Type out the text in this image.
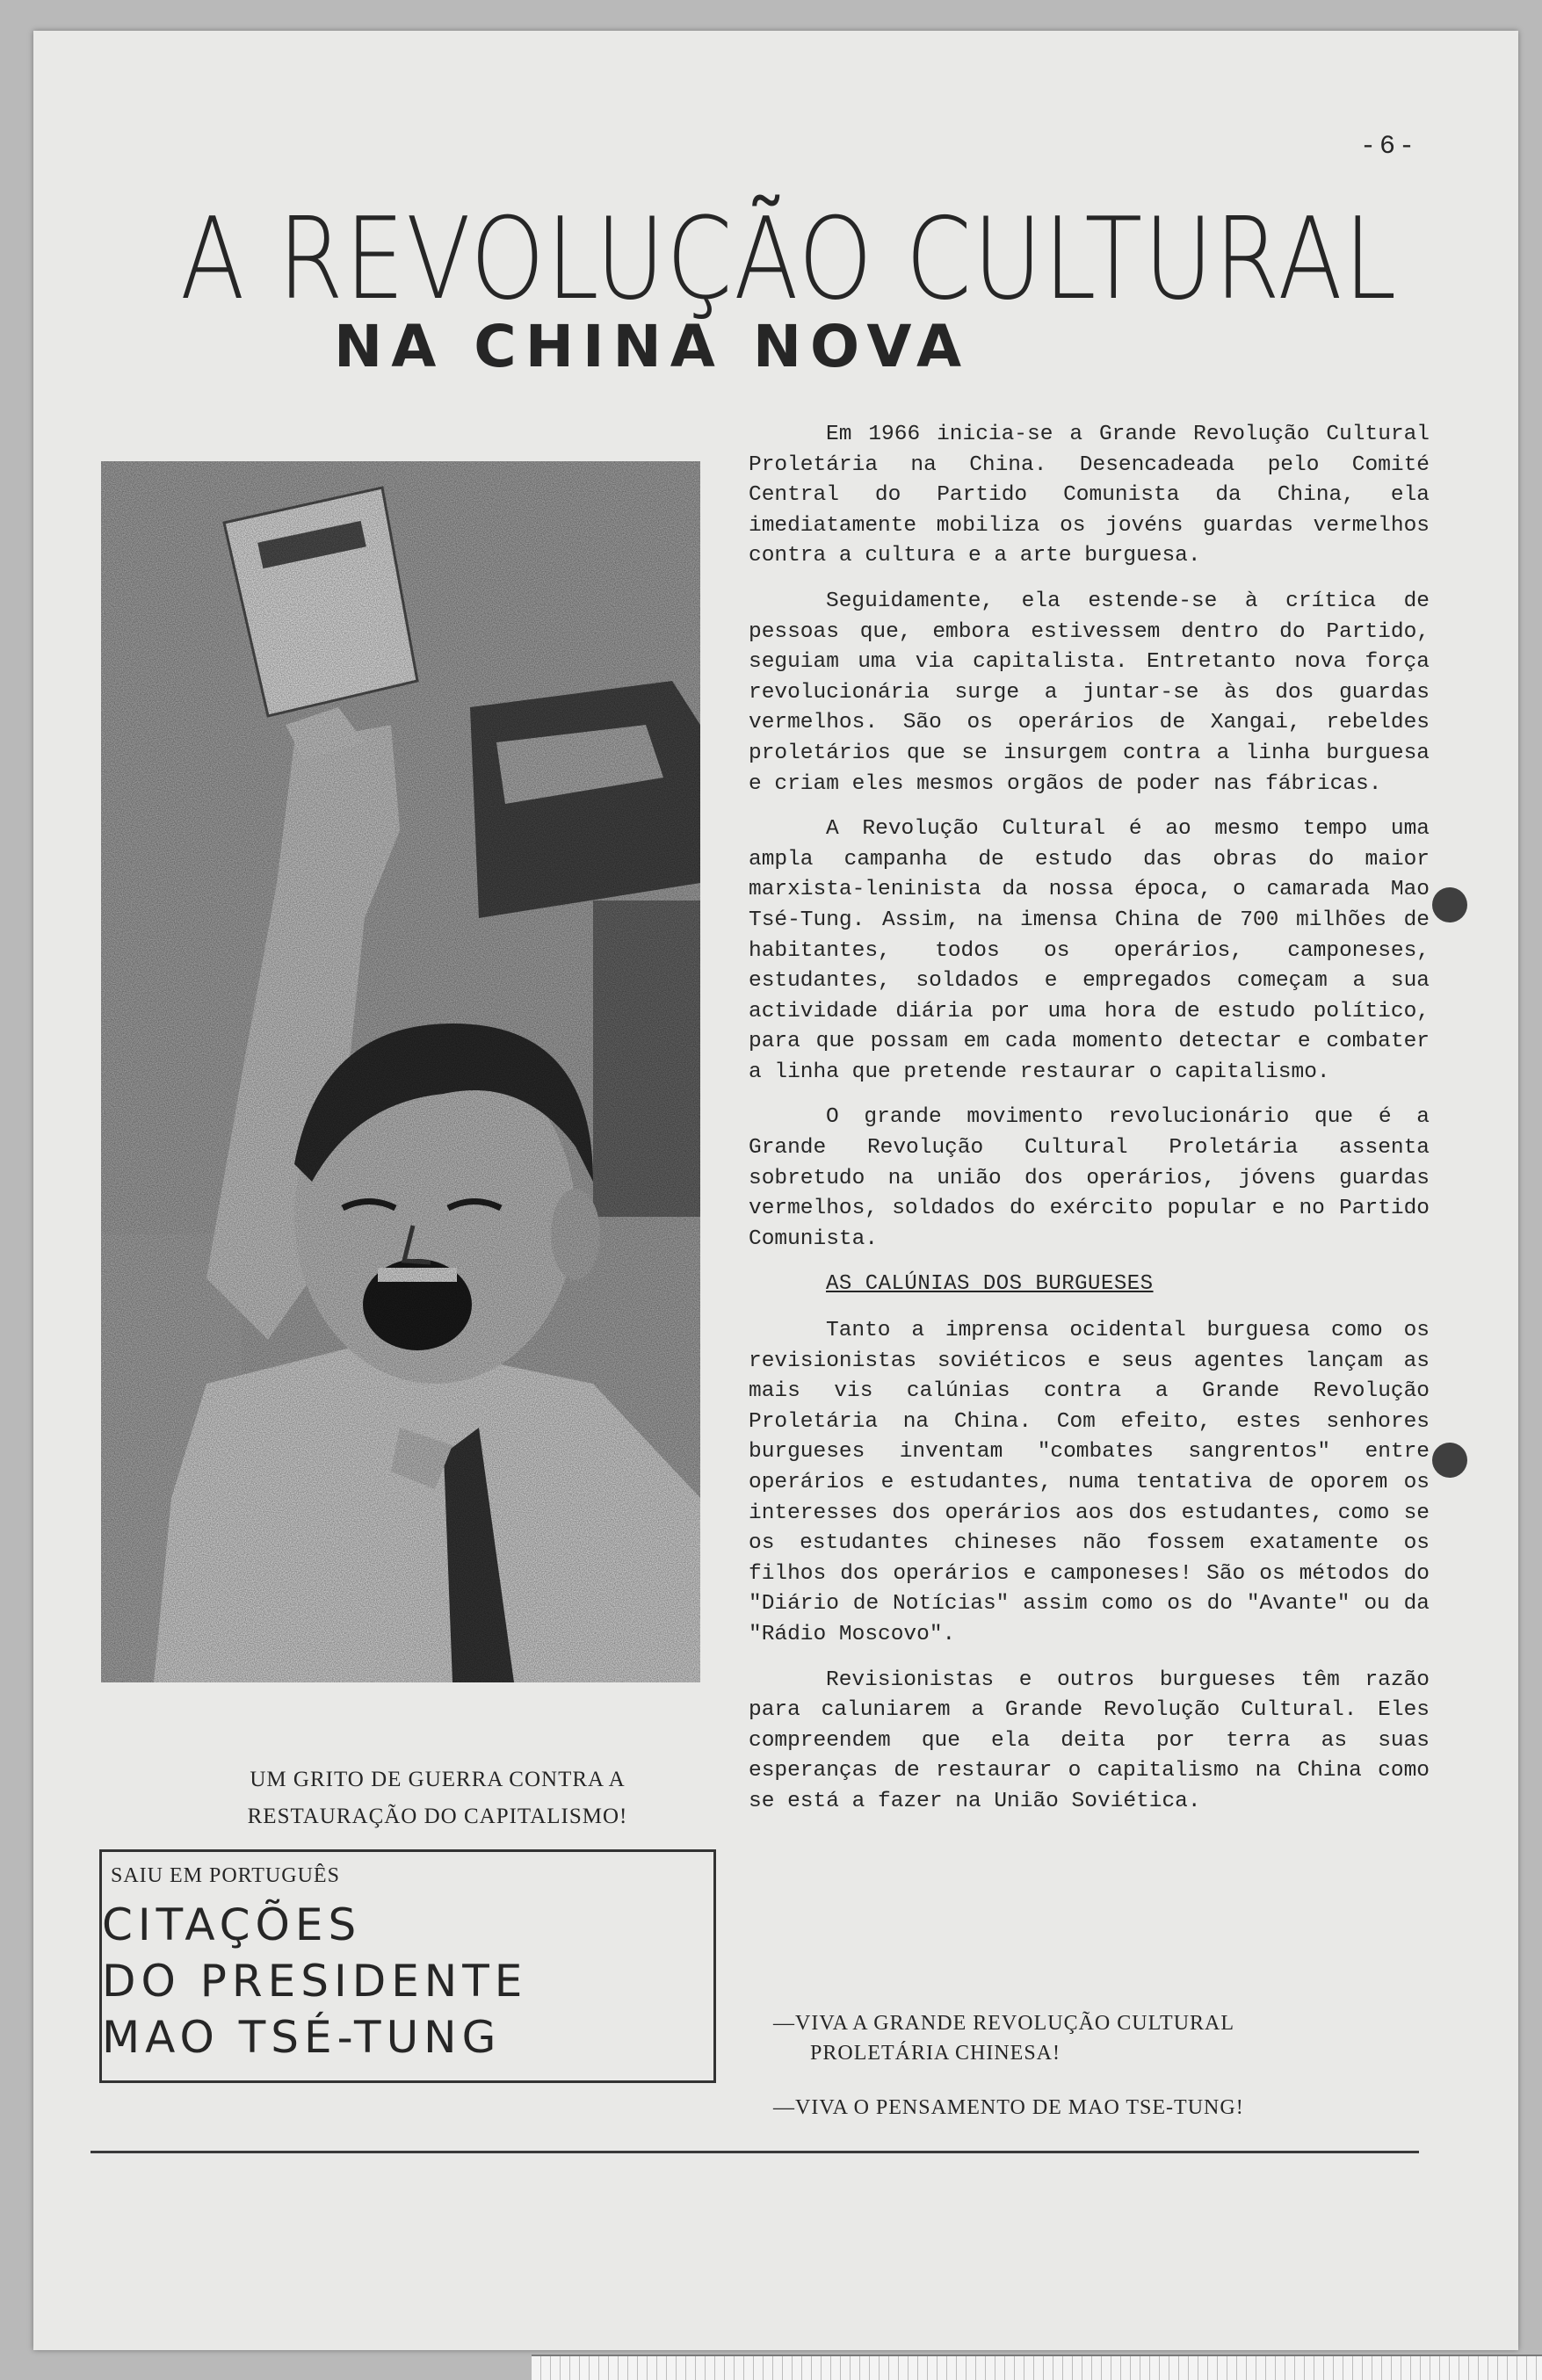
-6-
A REVOLUÇÃO CULTURAL
NA CHINA NOVA
UM GRITO DE GUERRA CONTRA A
RESTAURAÇÃO DO CAPITALISMO!
SAIU EM PORTUGUÊS
CITAÇÕES
DO PRESIDENTE
MAO TSÉ-TUNG

Em 1966 inicia-se a Grande Revolução Cultural Proletária na China. Desencadeada pelo Comité Central do Partido Comunista da China, ela imediatamente mobiliza os jovéns guardas vermelhos contra a cultura e a arte burguesa.

Seguidamente, ela estende-se à crítica de pessoas que, embora estivessem dentro do Partido, seguiam uma via capitalista. Entretanto nova força revolucionária surge a juntar-se às dos guardas vermelhos. São os operários de Xangai, rebeldes proletários que se insurgem contra a linha burguesa e criam eles mesmos orgãos de poder nas fábricas.

A Revolução Cultural é ao mesmo tempo uma ampla campanha de estudo das obras do maior marxista-leninista da nossa época, o camarada Mao Tsé-Tung. Assim, na imensa China de 700 milhões de habitantes, todos os operários, camponeses, estudantes, soldados e empregados começam a sua actividade diária por uma hora de estudo político, para que possam em cada momento detectar e combater a linha que pretende restaurar o capitalismo.

O grande movimento revolucionário que é a Grande Revolução Cultural Proletária assenta sobretudo na união dos operários, jóvens guardas vermelhos, soldados do exército popular e no Partido Comunista.

AS CALÚNIAS DOS BURGUESES

Tanto a imprensa ocidental burguesa como os revisionistas soviéticos e seus agentes lançam as mais vis calúnias contra a Grande Revolução Proletária na China. Com efeito, estes senhores burgueses inventam "combates sangrentos" entre operários e estudantes, numa tentativa de oporem os interesses dos operários aos dos estudantes, como se os estudantes chineses não fossem exatamente os filhos dos operários e camponeses! São os métodos do "Diário de Notícias" assim como os do "Avante" ou da "Rádio Moscovo".

Revisionistas e outros burgueses têm razão para caluniarem a Grande Revolução Cultural. Eles compreendem que ela deita por terra as suas esperanças de restaurar o capitalismo na China como se está a fazer na União Soviética.

—VIVA A GRANDE REVOLUÇÃO CULTURAL

PROLETÁRIA CHINESA!

—VIVA O PENSAMENTO DE MAO TSE-TUNG!
